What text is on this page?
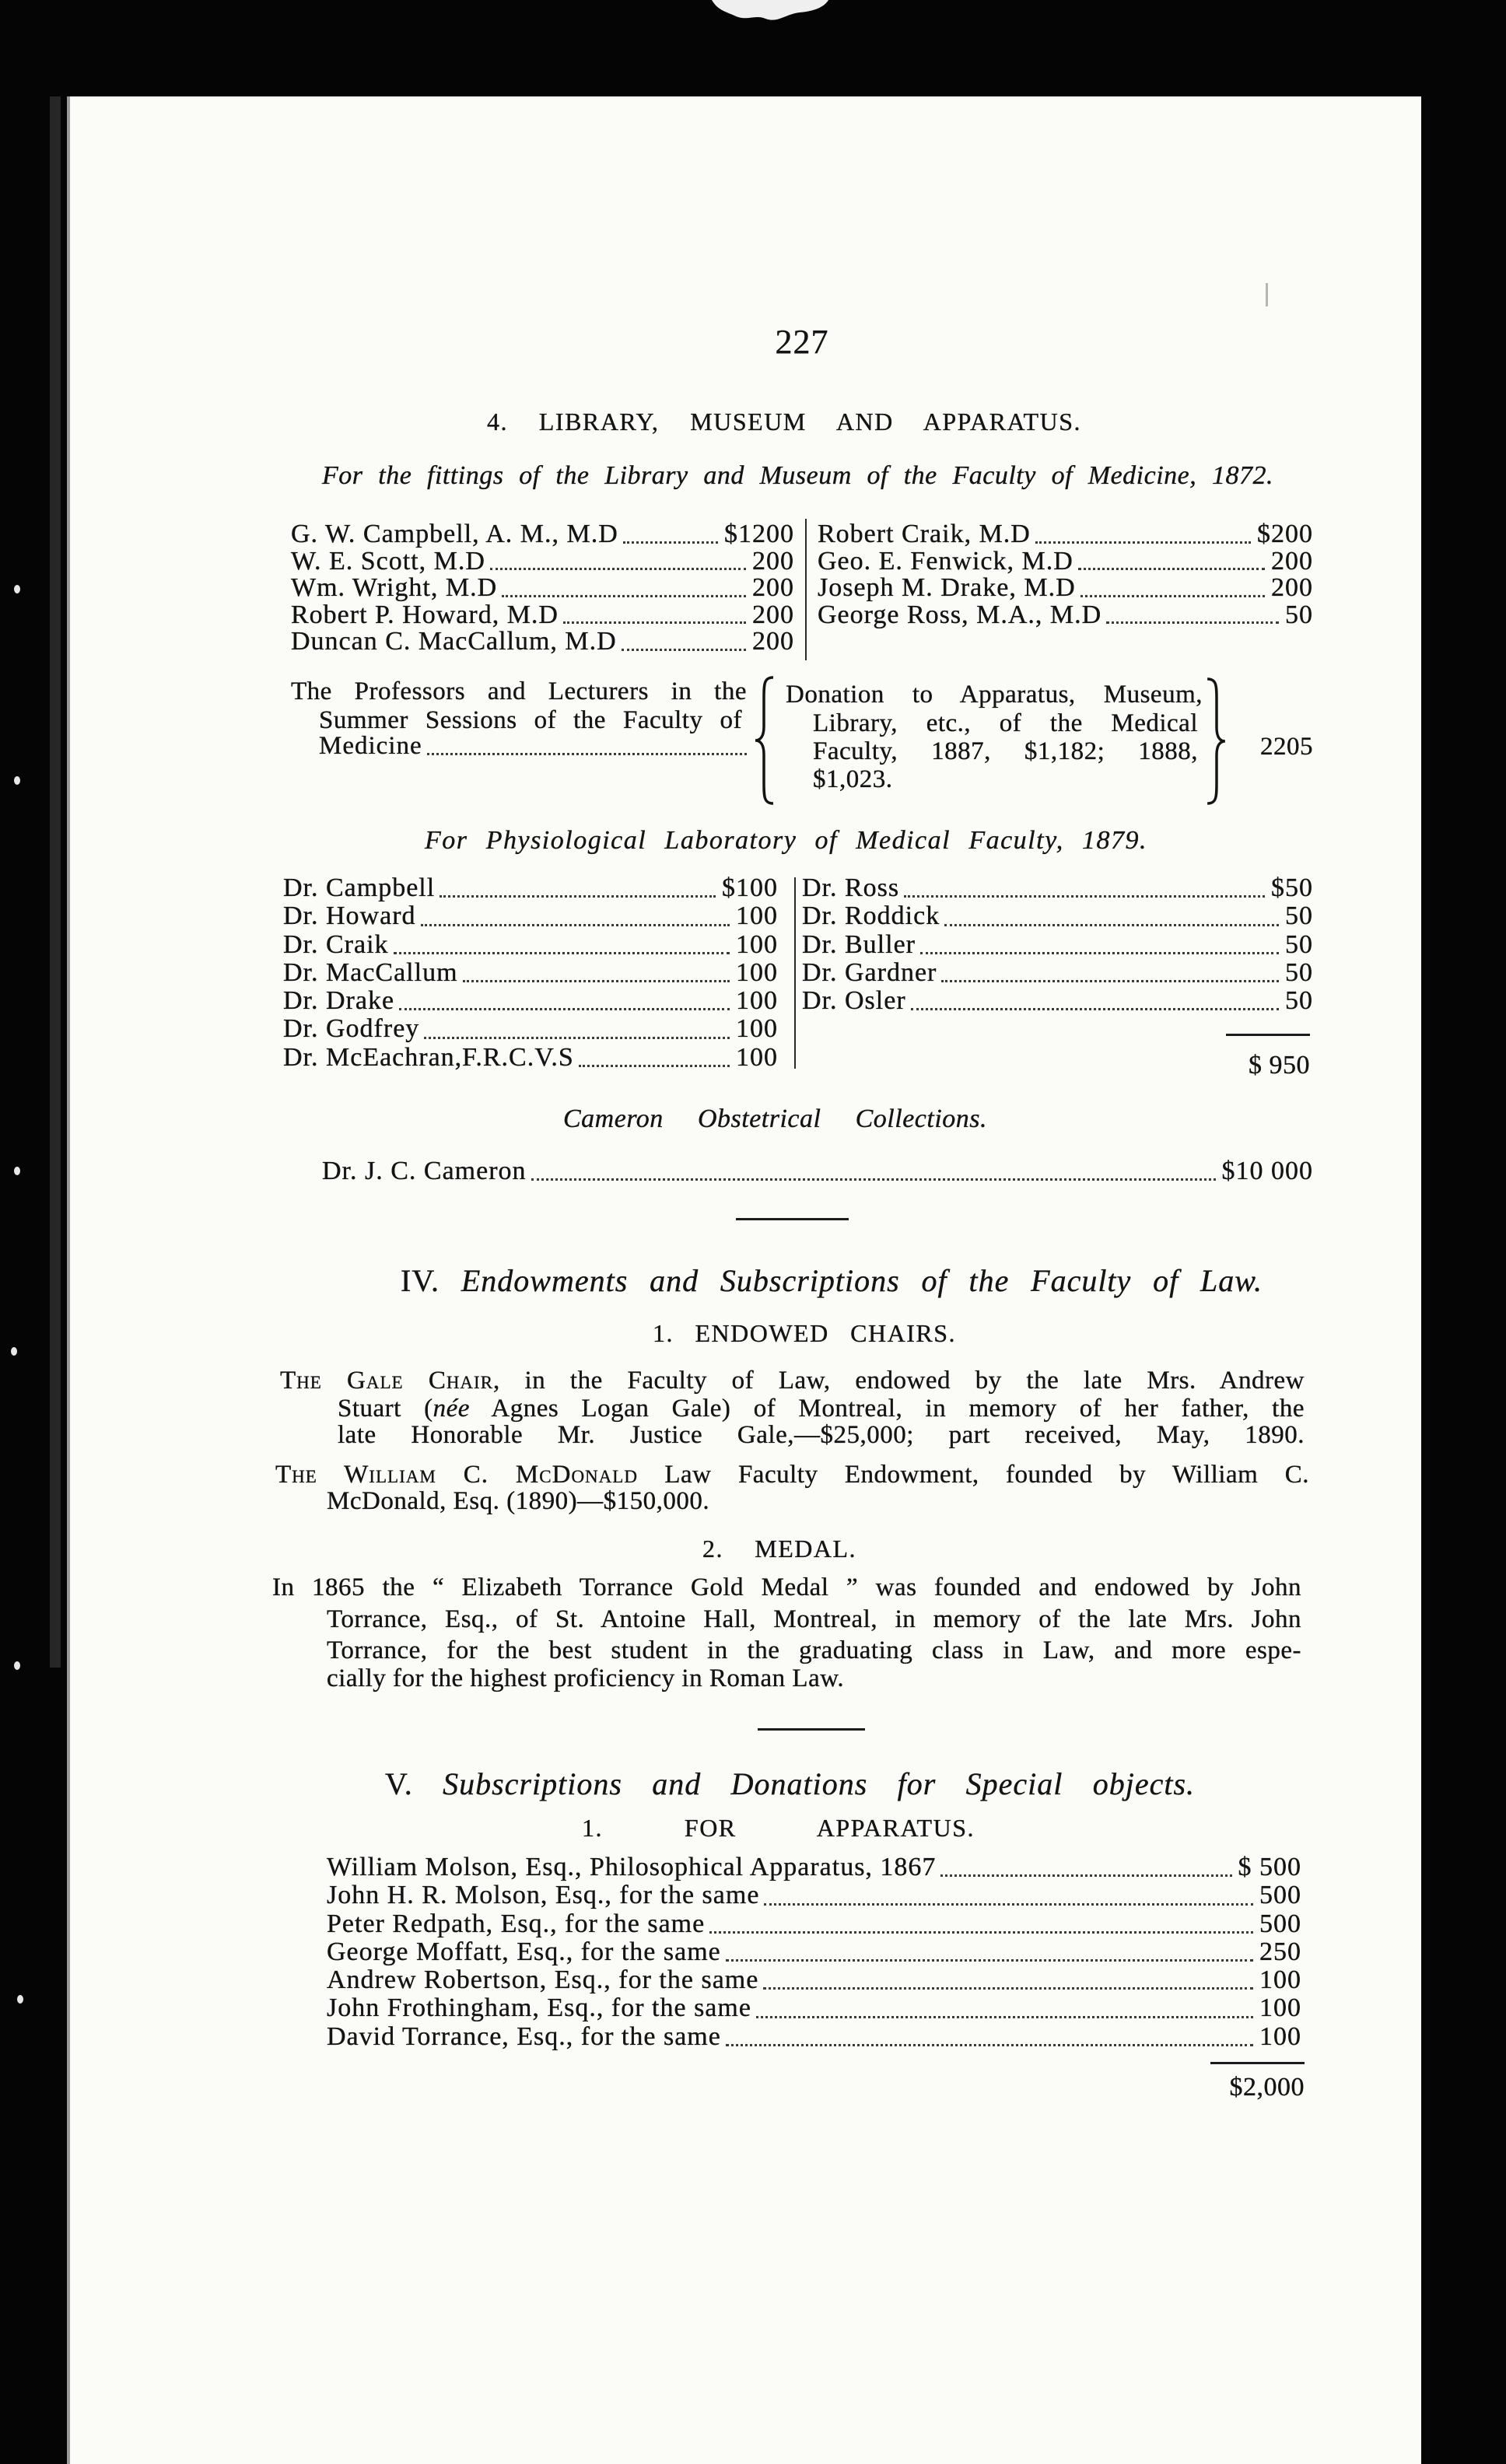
227
4. LIBRARY, MUSEUM AND APPARATUS.
For the fittings of the Library and Museum of the Faculty of Medicine, 1872.
G. W. Campbell, A. M., M.D	$1200
W. E. Scott, M.D	200
Wm. Wright, M.D	200
Robert P. Howard, M.D	200
Duncan C. MacCallum, M.D	200
Robert Craik, M.D	$200
Geo. E. Fenwick, M.D	200
Joseph M. Drake, M.D	200
George Ross, M.A., M.D	50
The Professors and Lecturers in the
Summer Sessions of the Faculty of
Medicine
Donation to Apparatus, Museum,
Library, etc., of the Medical
Faculty, 1887, $1,182; 1888,
$1,023.
2205
For Physiological Laboratory of Medical Faculty, 1879.
Dr. Campbell	$100
Dr. Howard	100
Dr. Craik	100
Dr. MacCallum	100
Dr. Drake	100
Dr. Godfrey	100
Dr. McEachran,F.R.C.V.S	100
Dr. Ross	$50
Dr. Roddick	50
Dr. Buller	50
Dr. Gardner	50
Dr. Osler	50
$ 950
Cameron Obstetrical Collections.
Dr. J. C. Cameron	$10 000
IV. Endowments and Subscriptions of the Faculty of Law.
1. ENDOWED CHAIRS.
The Gale Chair, in the Faculty of Law, endowed by the late Mrs. Andrew
Stuart (née Agnes Logan Gale) of Montreal, in memory of her father, the
late Honorable Mr. Justice Gale,—$25,000; part received, May, 1890.
The William C. McDonald Law Faculty Endowment, founded by William C.
McDonald, Esq. (1890)—$150,000.
2. MEDAL.
In 1865 the “ Elizabeth Torrance Gold Medal ” was founded and endowed by John
Torrance, Esq., of St. Antoine Hall, Montreal, in memory of the late Mrs. John
Torrance, for the best student in the graduating class in Law, and more espe-
cially for the highest proficiency in Roman Law.
V. Subscriptions and Donations for Special objects.
1. FOR APPARATUS.
William Molson, Esq., Philosophical Apparatus, 1867	$ 500
John H. R. Molson, Esq., for the same	500
Peter Redpath, Esq., for the same	500
George Moffatt, Esq., for the same	250
Andrew Robertson, Esq., for the same	100
John Frothingham, Esq., for the same	100
David Torrance, Esq., for the same	100
$2,000
